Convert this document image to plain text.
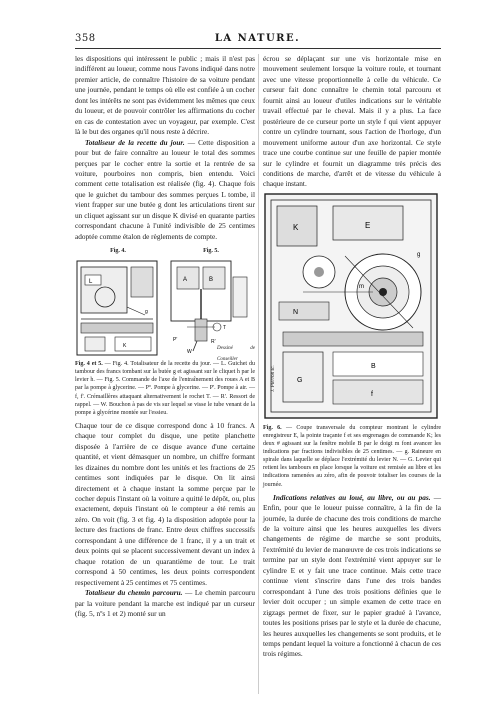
358	LA NATURE.

les dispositions qui intéressent le public ; mais il n'est pas indifférent au loueur, comme nous l'avons indiqué dans notre premier article, de connaître l'histoire de sa voiture pendant une journée, pendant le temps où elle est confiée à un cocher dont les intérêts ne sont pas évidemment les mêmes que ceux du loueur, et de pouvoir contrôler les affirmations du cocher en cas de contestation avec un voyageur, par exemple. C'est là le but des organes qu'il nous reste à décrire.

Totaliseur de la recette du jour. — Cette disposition a pour but de faire connaître au loueur le total des sommes perçues par le cocher entre la sortie et la rentrée de sa voiture, pourboires non compris, bien entendu. Voici comment cette totalisation est réalisée (fig. 4). Chaque fois que le guichet du tambour des sommes perçues L tombe, il vient frapper sur une butée g dont les articulations tirent sur un cliquet agissant sur un disque K divisé en quarante parties correspondant chacune à l'unité indivisible de 25 centimes adoptée comme étalon de règlements de compte.

Fig. 4.
L
K
g
Fig. 5.
A	B
T
P'	R'
W	Dessiné de Conseiller
Fig. 4 et 5. — Fig. 4. Totalisateur de la recette du jour. — L. Guichet du tambour des francs tombant sur la butée g et agissant sur le cliquet h par le levier h. — Fig. 5. Commande de l'axe de l'entraînement des roues A et B par la pompe à glycerine. — Pº. Pompe à glycerine. — P'. Pompe à air. — f, f'. Crémaillères attaquant alternativement le rochet T. — R'. Ressort de rappel. — W. Bouchon à pas de vis sur lequel se visse le tube venant de la pompe à glycérine montée sur l'essieu.

Chaque tour de ce disque correspond donc à 10 francs. A chaque tour complet du disque, une petite planchette disposée à l'arrière de ce disque avance d'une certaine quantité, et vient démasquer un nombre, un chiffre formant les dizaines du nombre dont les unités et les fractions de 25 centimes sont indiquées par le disque. On lit ainsi directement et à chaque instant la somme perçue par le cocher depuis l'instant où la voiture a quitté le dépôt, ou, plus exactement, depuis l'instant où le compteur a été remis au zéro. On voit (fig. 3 et fig. 4) la disposition adoptée pour la lecture des fractions de franc. Entre deux chiffres successifs correspondant à une différence de 1 franc, il y a un trait et deux points qui se placent successivement devant un index à chaque rotation de un quarantième de tour. Le trait correspond à 50 centimes, les deux points correspondent respectivement à 25 centimes et 75 centimes.

Totaliseur du chemin parcouru. — Le chemin parcouru par la voiture pendant la marche est indiqué par un curseur (fig. 5, nºs 1 et 2) monté sur un

écrou se déplaçant sur une vis horizontale mise en mouvement seulement lorsque la voiture roule, et tournant avec une vitesse proportionnelle à celle du véhicule. Ce curseur fait donc connaître le chemin total parcouru et fournit ainsi au loueur d'utiles indications sur le véritable travail effectué par le cheval. Mais il y a plus. La face postérieure de ce curseur porte un style f qui vient appuyer contre un cylindre tournant, sous l'action de l'horloge, d'un mouvement uniforme autour d'un axe horizontal. Ce style trace une courbe continue sur une feuille de papier montée sur le cylindre et fournit un diagramme très précis des conditions de marche, d'arrêt et de vitesse du véhicule à chaque instant.

K	E
N
G
B
f
m
g
J. Pierron sc.
Fig. 6. — Coupe transversale du compteur montrant le cylindre enregistreur E, la pointe traçante f et ses engrenages de commande K; les deux # agissant sur la fenêtre mobile B par le doigt m font avancer les indications par fractions indivisibles de 25 centimes. — g. Raineure en spirale dans laquelle se déplace l'extrémité du levier N. — G. Levier qui retient les tambours en place lorsque la voiture est remisée au libre et les indications ramenées au zéro, afin de pouvoir totaliser les courses de la journée.

Indications relatives au loué, au libre, ou au pas. — Enfin, pour que le loueur puisse connaître, à la fin de la journée, la durée de chacune des trois conditions de marche de la voiture ainsi que les heures auxquelles les divers changements de régime de marche se sont produits, l'extrémité du levier de manœuvre de ces trois indications se termine par un style dont l'extrémité vient appuyer sur le cylindre E et y fait une trace continue. Mais cette trace continue vient s'inscrire dans l'une des trois bandes correspondant à l'une des trois positions définies que le levier doit occuper ; un simple examen de cette trace en zigzags permet de fixer, sur le papier gradué à l'avance, toutes les positions prises par le style et la durée de chacune, les heures auxquelles les changements se sont produits, et le temps pendant lequel la voiture a fonctionné à chacun de ces trois régimes.
